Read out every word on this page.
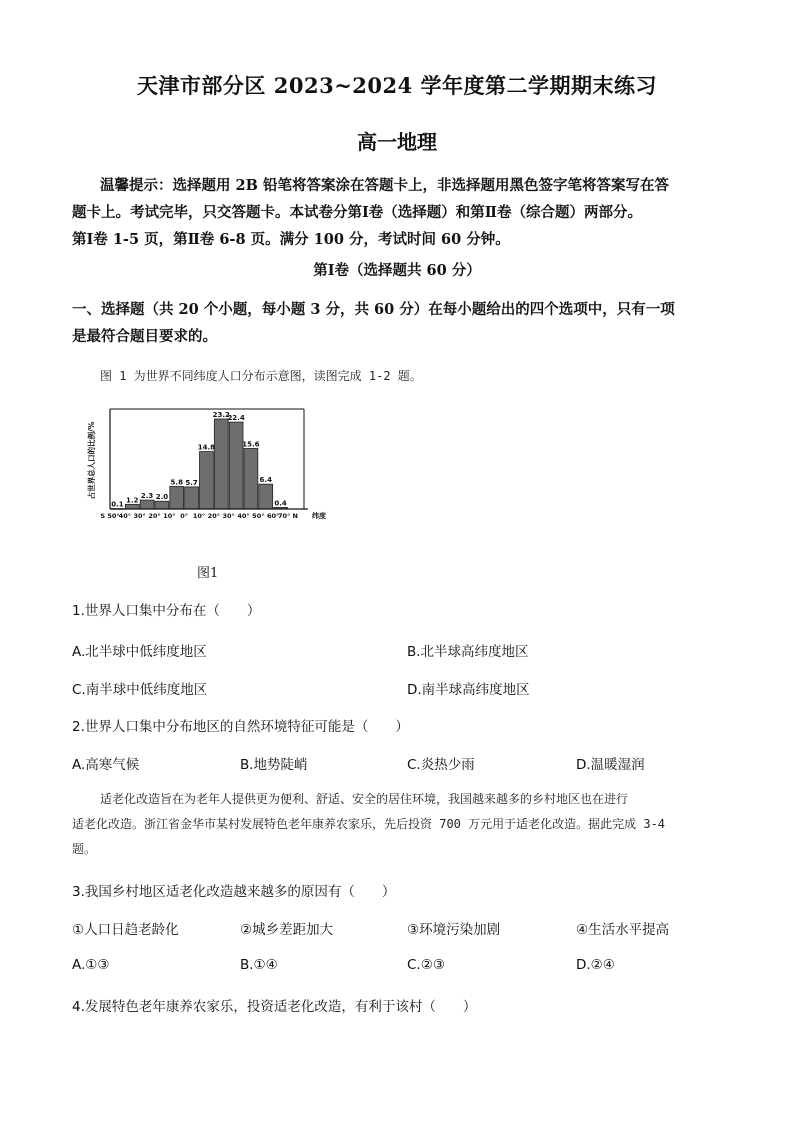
天津市部分区 2023~2024 学年度第二学期期末练习
高一地理
温馨提示：选择题用 2B 铅笔将答案涂在答题卡上，非选择题用黑色签字笔将答案写在答
题卡上。考试完毕，只交答题卡。本试卷分第Ⅰ卷（选择题）和第Ⅱ卷（综合题）两部分。
第Ⅰ卷 1-5 页，第Ⅱ卷 6-8 页。满分 100 分，考试时间 60 分钟。
第Ⅰ卷（选择题共 60 分）
一、选择题（共 20 个小题，每小题 3 分，共 60 分）在每小题给出的四个选项中，只有一项
是最符合题目要求的。
图 1 为世界不同纬度人口分布示意图，读图完成 1-2 题。
0.1
1.2
2.3 2.0
5.8 5.7
14.8
23.2
22.4
15.6
6.4
0.4
S 50° 40° 30° 20° 10° 0° 10° 20° 30° 40° 50° 60°
70° N
占世界总人口的比例/%
纬度
图1
1.世界人口集中分布在（　　）
A.北半球中低纬度地区	B.北半球高纬度地区
C.南半球中低纬度地区	D.南半球高纬度地区
2.世界人口集中分布地区的自然环境特征可能是（　　）
A.高寒气候	B.地势陡峭	C.炎热少雨	D.温暖湿润
适老化改造旨在为老年人提供更为便利、舒适、安全的居住环境，我国越来越多的乡村地区也在进行
适老化改造。浙江省金华市某村发展特色老年康养农家乐，先后投资 700 万元用于适老化改造。据此完成 3-4
题。
3.我国乡村地区适老化改造越来越多的原因有（　　）
①人口日趋老龄化	②城乡差距加大	③环境污染加剧	④生活水平提高
A.①③	B.①④	C.②③	D.②④
4.发展特色老年康养农家乐，投资适老化改造，有利于该村（　　）
